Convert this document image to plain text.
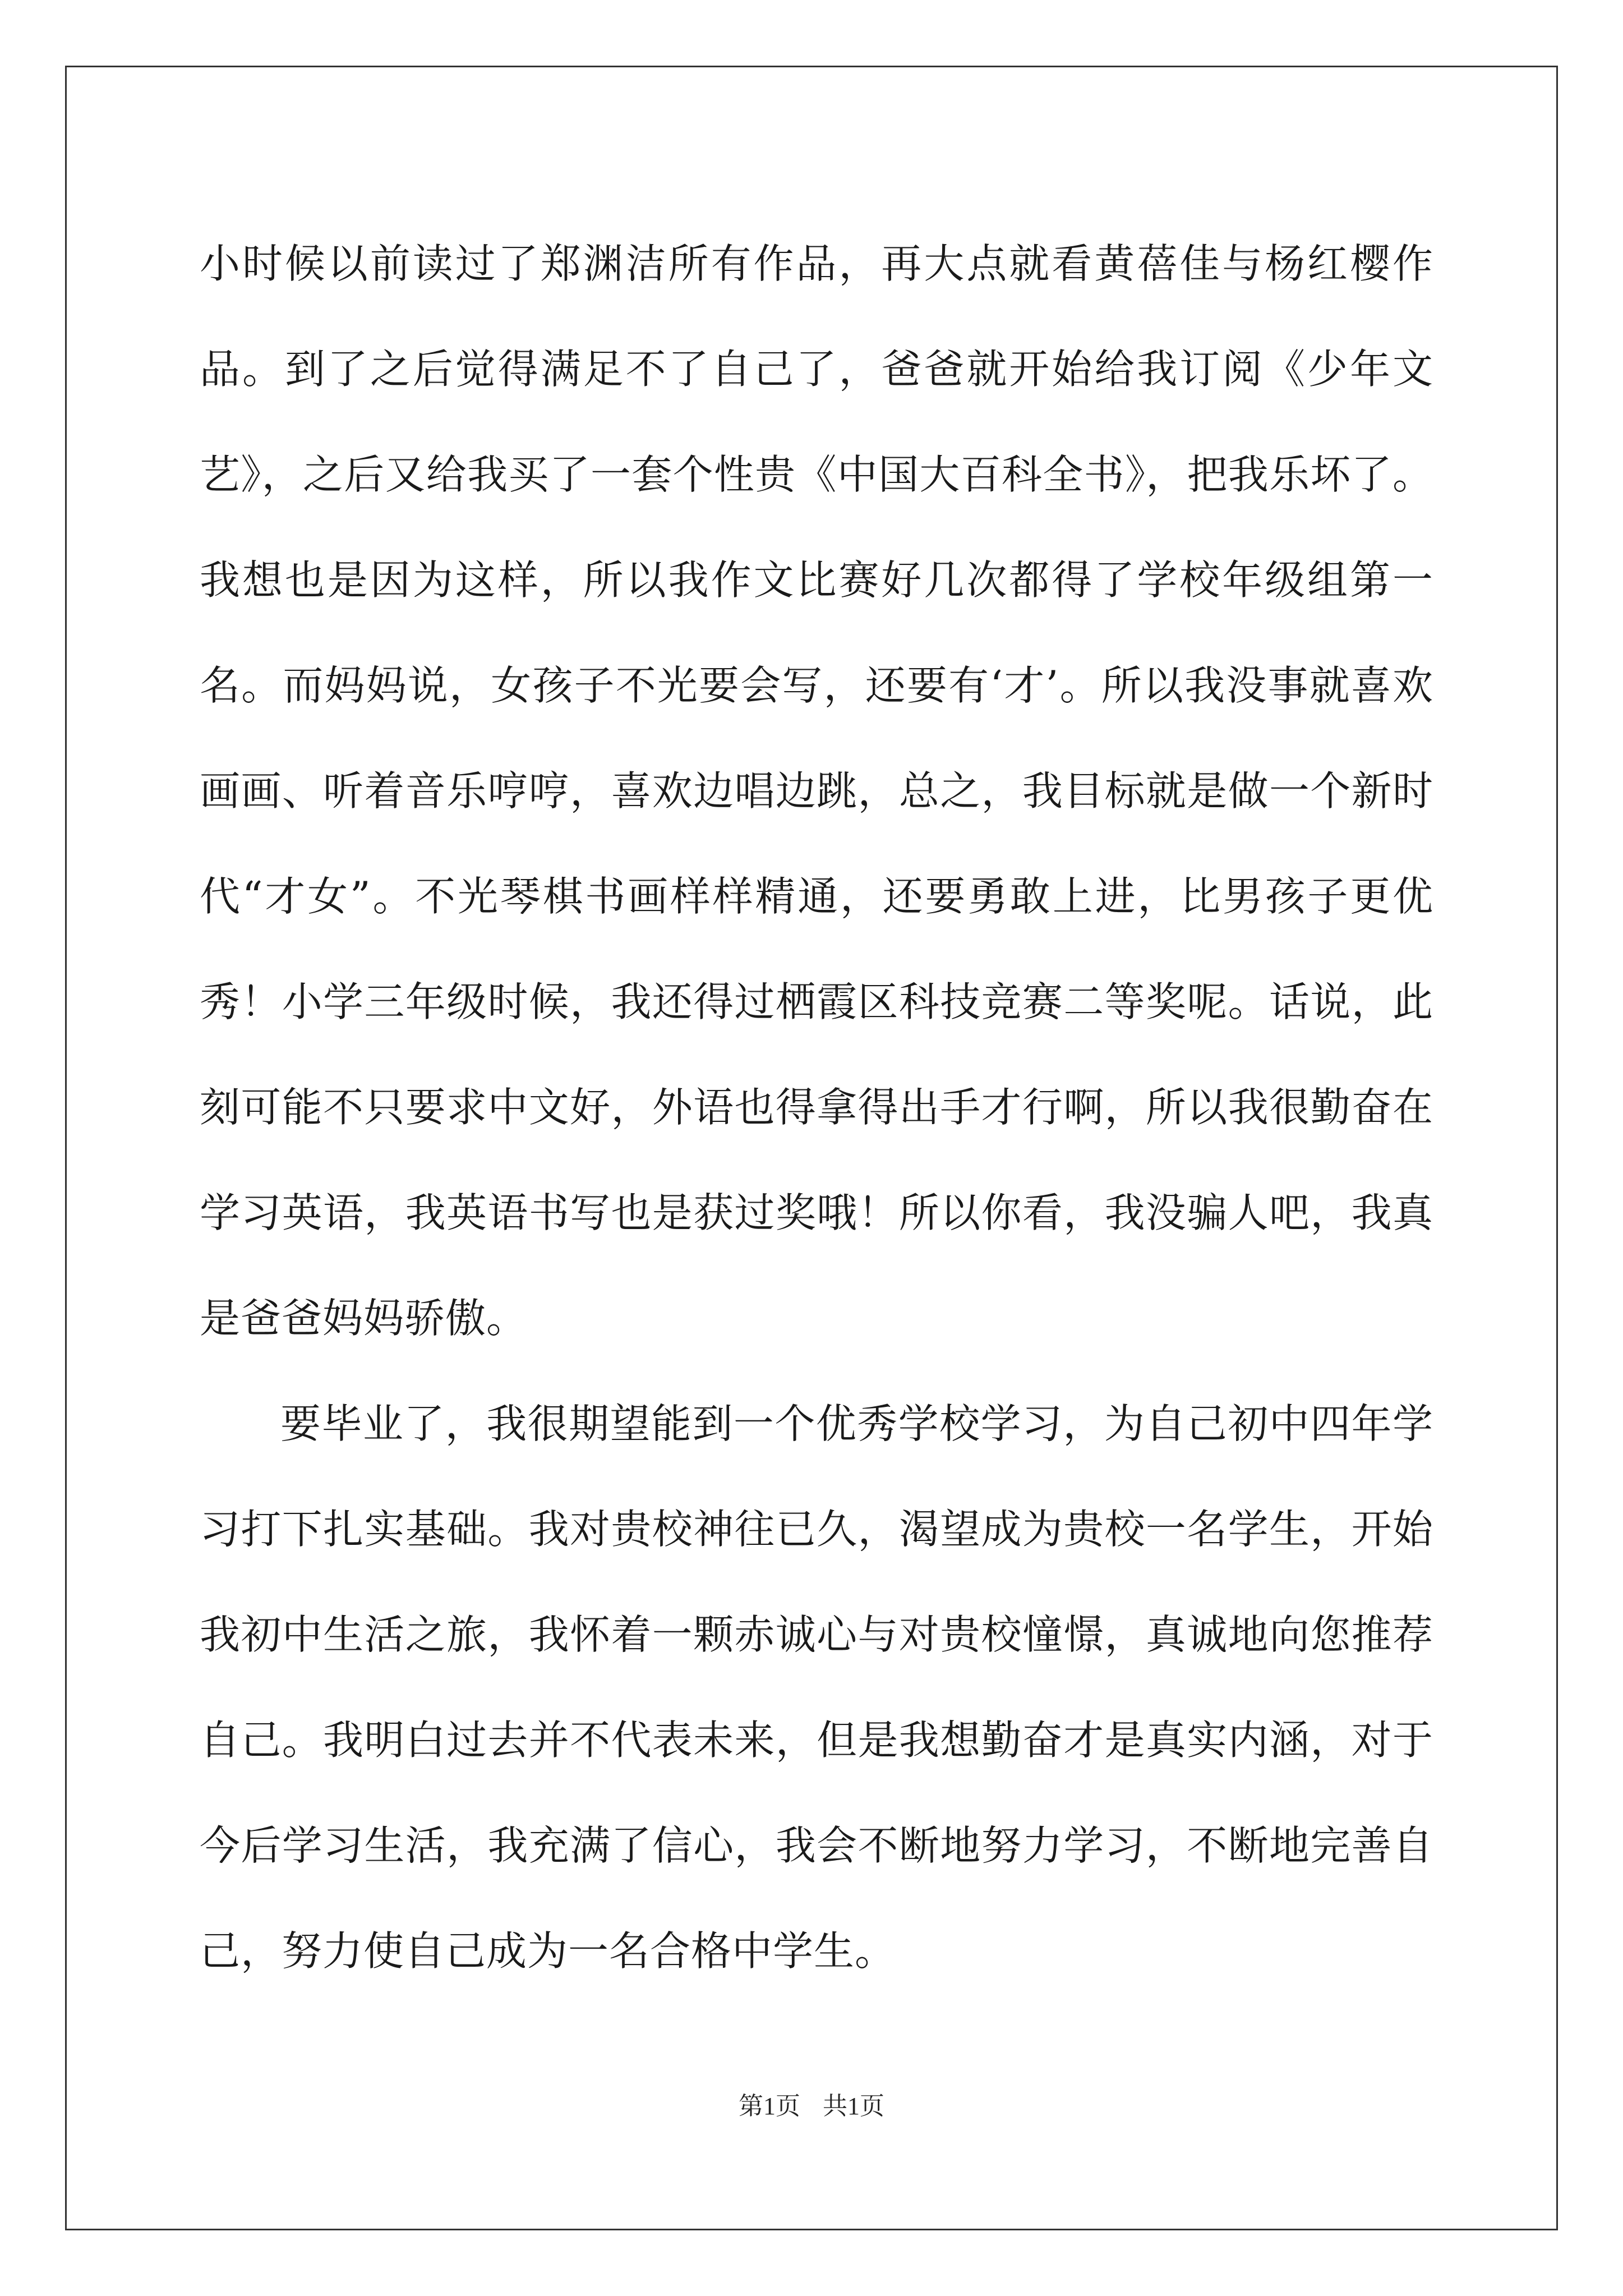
小时候以前读过了郑渊洁所有作品，再大点就看黄蓓佳与杨红樱作品。到了之后觉得满足不了自己了，爸爸就开始给我订阅《少年文艺》，之后又给我买了一套个性贵《中国大百科全书》，把我乐坏了。我想也是因为这样，所以我作文比赛好几次都得了学校年级组第一名。而妈妈说，女孩子不光要会写，还要有‘才’。所以我没事就喜欢画画、听着音乐哼哼，喜欢边唱边跳，总之，我目标就是做一个新时代“才女”。不光琴棋书画样样精通，还要勇敢上进，比男孩子更优秀！小学三年级时候，我还得过栖霞区科技竞赛二等奖呢。话说，此刻可能不只要求中文好，外语也得拿得出手才行啊，所以我很勤奋在学习英语，我英语书写也是获过奖哦！所以你看，我没骗人吧，我真是爸爸妈妈骄傲。

要毕业了，我很期望能到一个优秀学校学习，为自己初中四年学习打下扎实基础。我对贵校神往已久，渴望成为贵校一名学生，开始我初中生活之旅，我怀着一颗赤诚心与对贵校憧憬，真诚地向您推荐自己。我明白过去并不代表未来，但是我想勤奋才是真实内涵，对于今后学习生活，我充满了信心，我会不断地努力学习，不断地完善自己，努力使自己成为一名合格中学生。

第1页 共1页
